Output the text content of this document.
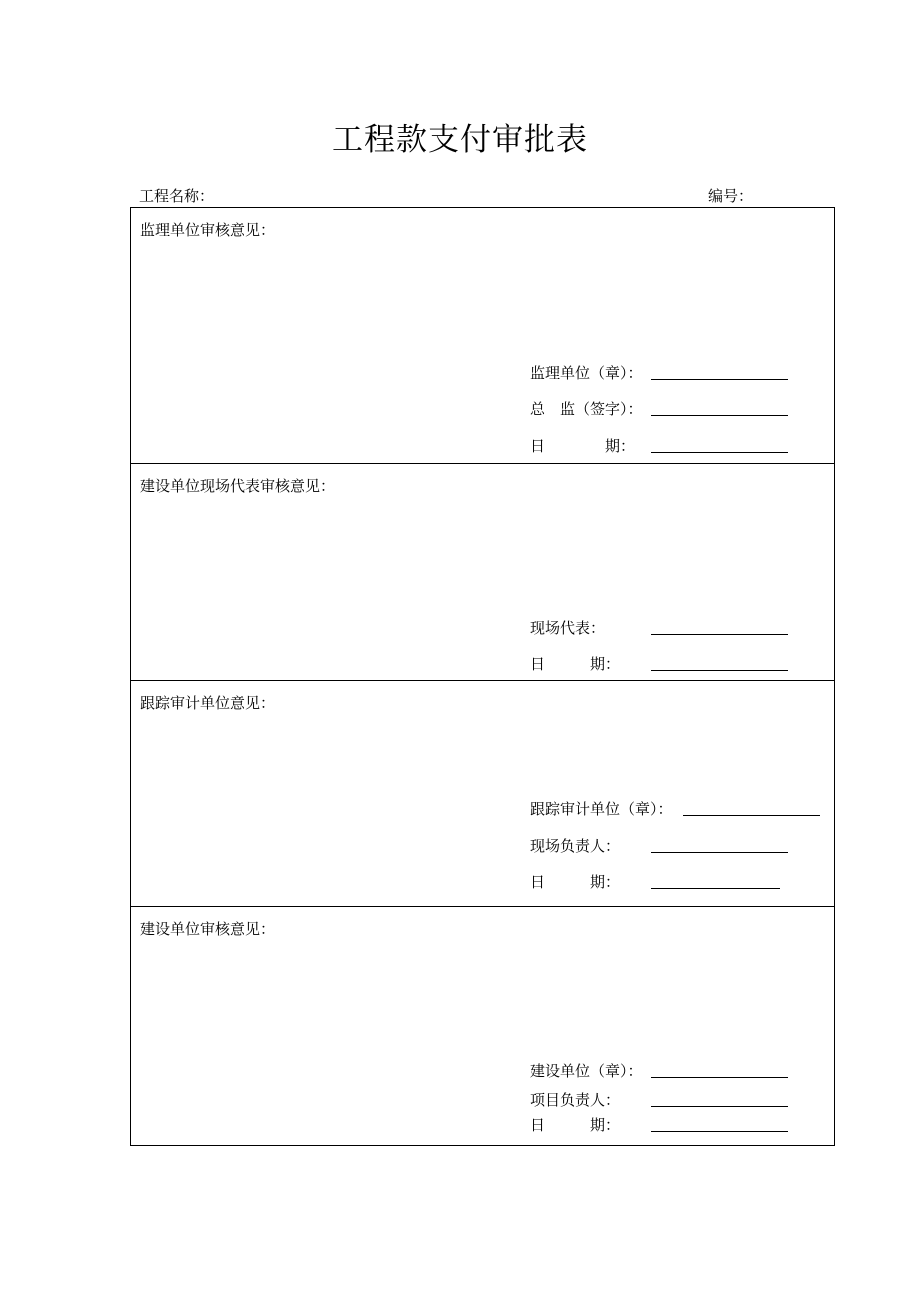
工程款支付审批表
工程名称：	编号：
监理单位审核意见：
监理单位（章）：
总　监（签字）：
日　　　　期：
建设单位现场代表审核意见：
现场代表：
日　　　期：
跟踪审计单位意见：
跟踪审计单位（章）：
现场负责人：
日　　　期：
建设单位审核意见：
建设单位（章）：
项目负责人：
日　　　期：
